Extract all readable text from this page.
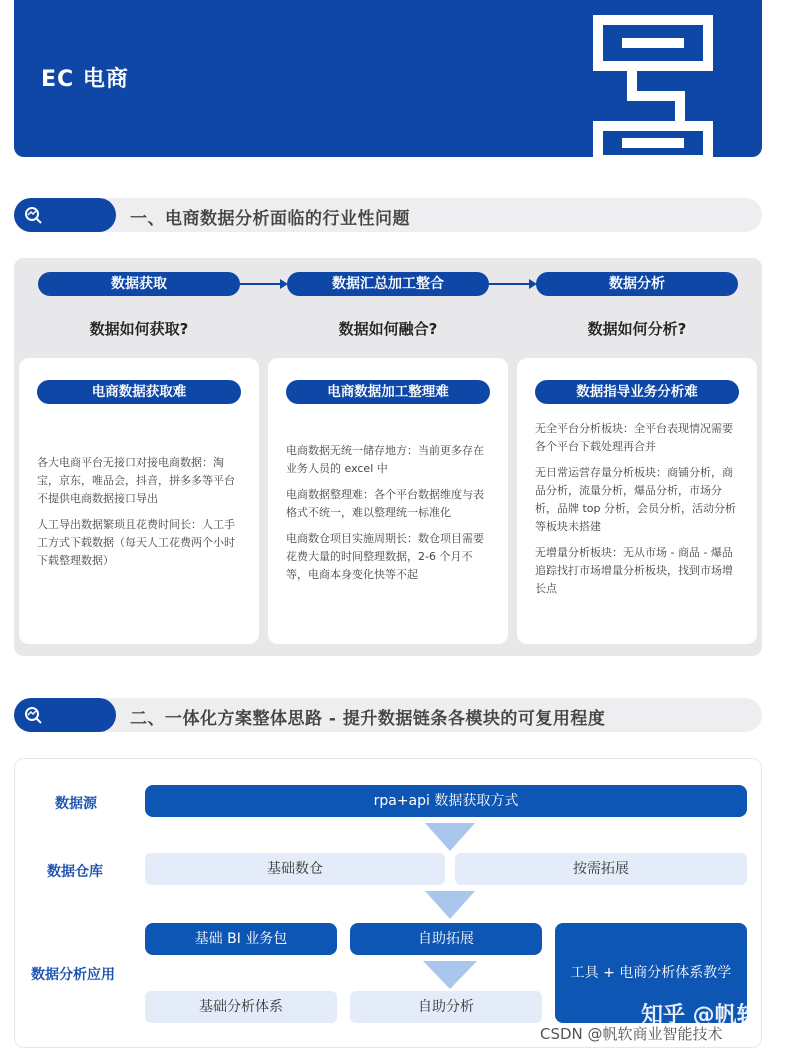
EC 电商
一、电商数据分析面临的行业性问题
数据获取	数据汇总加工整合	数据分析
数据如何获取?	数据如何融合?	数据如何分析?
电商数据获取难

各大电商平台无接口对接电商数据：淘宝，京东，唯品会，抖音，拼多多等平台不提供电商数据接口导出

人工导出数据繁琐且花费时间长：人工手工方式下载数据（每天人工花费两个小时下载整理数据）

电商数据加工整理难

电商数据无统一储存地方：当前更多存在业务人员的 excel 中

电商数据整理难：各个平台数据维度与表格式不统一，难以整理统一标准化

电商数仓项目实施周期长：数仓项目需要花费大量的时间整理数据，2-6 个月不等，电商本身变化快等不起

数据指导业务分析难

无全平台分析板块：全平台表现情况需要各个平台下载处理再合并

无日常运营存量分析板块：商铺分析，商品分析，流量分析，爆品分析，市场分析，品牌 top 分析，会员分析，活动分析等板块未搭建

无增量分析板块：无从市场 - 商品 - 爆品追踪找打市场增量分析板块，找到市场增长点

二、一体化方案整体思路 - 提升数据链条各模块的可复用程度
数据源	rpa+api 数据获取方式
数据仓库	基础数仓	按需拓展
基础 BI 业务包	自助拓展
工具 + 电商分析体系教学
数据分析应用
基础分析体系	自助分析	知乎 @帆软
CSDN @帆软商业智能技术
